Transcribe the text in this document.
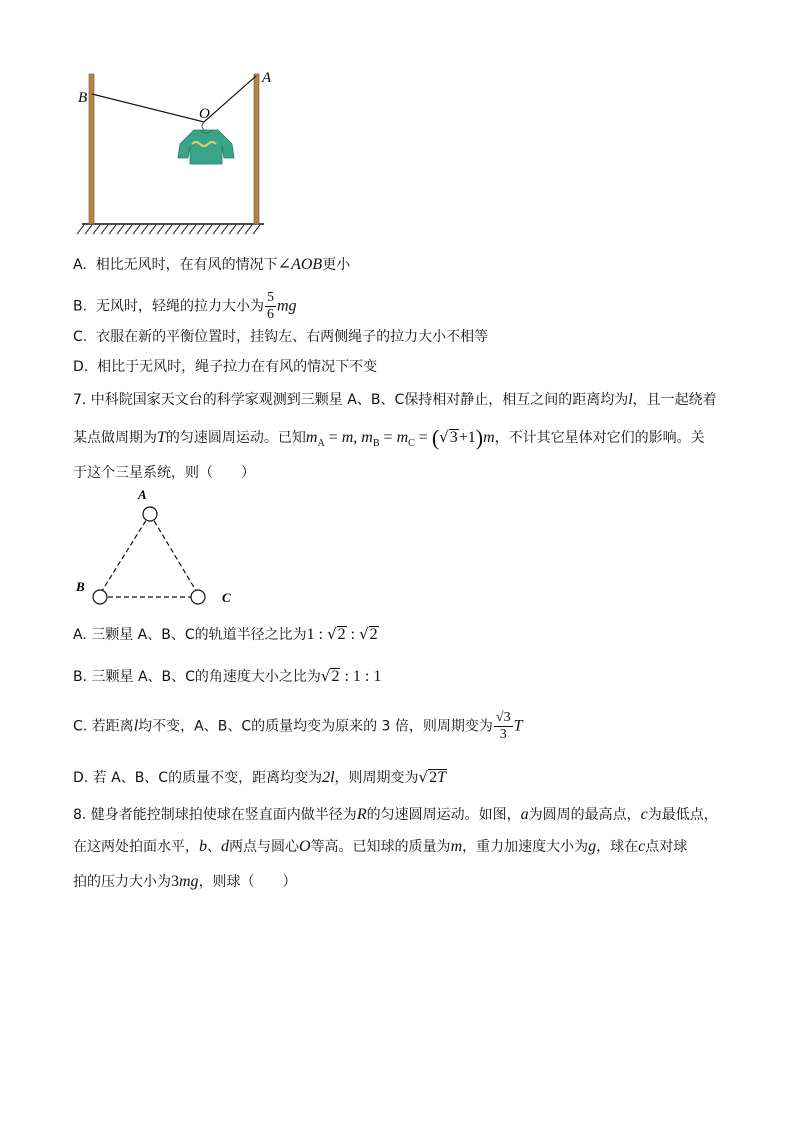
B
A
O
A. 相比无风时，在有风的情况下∠AOB更小
B. 无风时，轻绳的拉力大小为 $\frac{5}{6}$ mg
C. 衣服在新的平衡位置时，挂钩左、右两侧绳子的拉力大小不相等
D. 相比于无风时，绳子拉力在有风的情况下不变
7. 中科院国家天文台的科学家观测到三颗星 A、B、C保持相对静止，相互之间的距离均为l，且一起绕着
某点做周期为T的匀速圆周运动。已知$m_A = m$, $m_B = m_C = (√3+1)m$，不计其它星体对它们的影响。关
于这个三星系统，则（　　）
A
B
C
A. 三颗星 A、B、C的轨道半径之比为1 : √2 : √2
B. 三颗星 A、B、C的角速度大小之比为√2 : 1 : 1
C. 若距离l均不变，A、B、C的质量均变为原来的 3 倍，则周期变为 $\frac{√3}{3}$ T
D. 若 A、B、C的质量不变，距离均变为2l，则周期变为√2T
8. 健身者能控制球拍使球在竖直面内做半径为R的匀速圆周运动。如图，a为圆周的最高点，c为最低点，
在这两处拍面水平，b、d两点与圆心O等高。已知球的质量为m，重力加速度大小为g，球在c点对球
拍的压力大小为3mg，则球（　　）
